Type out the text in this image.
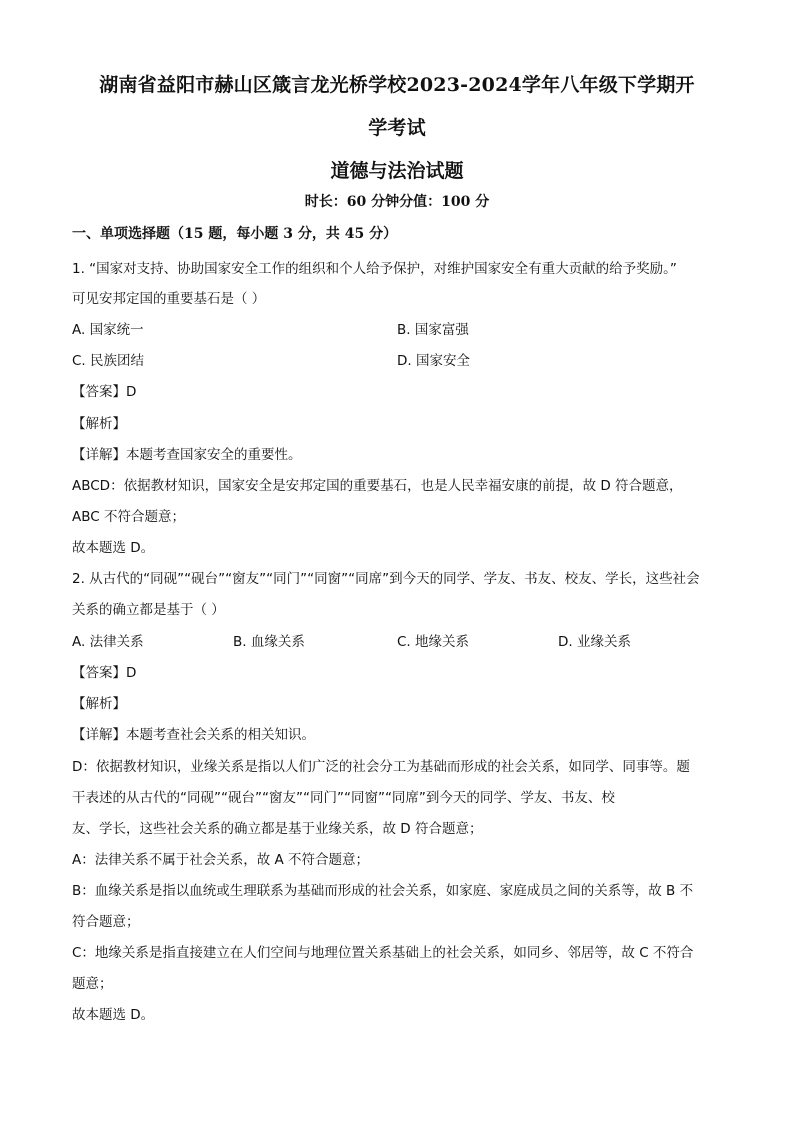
湖南省益阳市赫山区箴言龙光桥学校2023-2024学年八年级下学期开
学考试
道德与法治试题
时长：60 分钟分值：100 分
一、单项选择题（15 题，每小题 3 分，共 45 分）
1. “国家对支持、协助国家安全工作的组织和个人给予保护，对维护国家安全有重大贡献的给予奖励。”
可见安邦定国的重要基石是（ ）
A. 国家统一	B. 国家富强
C. 民族团结	D. 国家安全
【答案】D
【解析】
【详解】本题考查国家安全的重要性。
ABCD：依据教材知识，国家安全是安邦定国的重要基石，也是人民幸福安康的前提，故 D 符合题意，
ABC 不符合题意；
故本题选 D。
2. 从古代的“同砚”“砚台”“窗友”“同门”“同窗”“同席”到今天的同学、学友、书友、校友、学长，这些社会
关系的确立都是基于（ ）
A. 法律关系	B. 血缘关系	C. 地缘关系	D. 业缘关系
【答案】D
【解析】
【详解】本题考查社会关系的相关知识。
D：依据教材知识，业缘关系是指以人们广泛的社会分工为基础而形成的社会关系，如同学、同事等。题
干表述的从古代的“同砚”“砚台”“窗友”“同门”“同窗”“同席”到今天的同学、学友、书友、校
友、学长，这些社会关系的确立都是基于业缘关系，故 D 符合题意；
A：法律关系不属于社会关系，故 A 不符合题意；
B：血缘关系是指以血统或生理联系为基础而形成的社会关系，如家庭、家庭成员之间的关系等，故 B 不
符合题意；
C：地缘关系是指直接建立在人们空间与地理位置关系基础上的社会关系，如同乡、邻居等，故 C 不符合
题意；
故本题选 D。
